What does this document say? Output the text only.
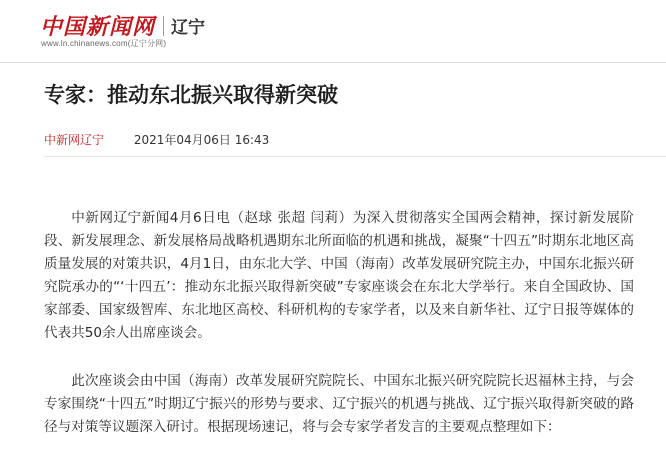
中国新闻网 辽宁
www.ln.chinanews.com(辽宁分网)
专家：推动东北振兴取得新突破
中新网辽宁 2021年04月06日 16:43

中新网辽宁新闻4月6日电（赵球 张超 闫莉）为深入贯彻落实全国两会精神，探讨新发展阶段、新发展理念、新发展格局战略机遇期东北所面临的机遇和挑战，凝聚“十四五”时期东北地区高质量发展的对策共识，4月1日，由东北大学、中国（海南）改革发展研究院主办，中国东北振兴研究院承办的“‘十四五’：推动东北振兴取得新突破”专家座谈会在东北大学举行。来自全国政协、国家部委、国家级智库、东北地区高校、科研机构的专家学者，以及来自新华社、辽宁日报等媒体的代表共50余人出席座谈会。

此次座谈会由中国（海南）改革发展研究院院长、中国东北振兴研究院院长迟福林主持，与会专家围绕“十四五”时期辽宁振兴的形势与要求、辽宁振兴的机遇与挑战、辽宁振兴取得新突破的路径与对策等议题深入研讨。根据现场速记，将与会专家学者发言的主要观点整理如下：
